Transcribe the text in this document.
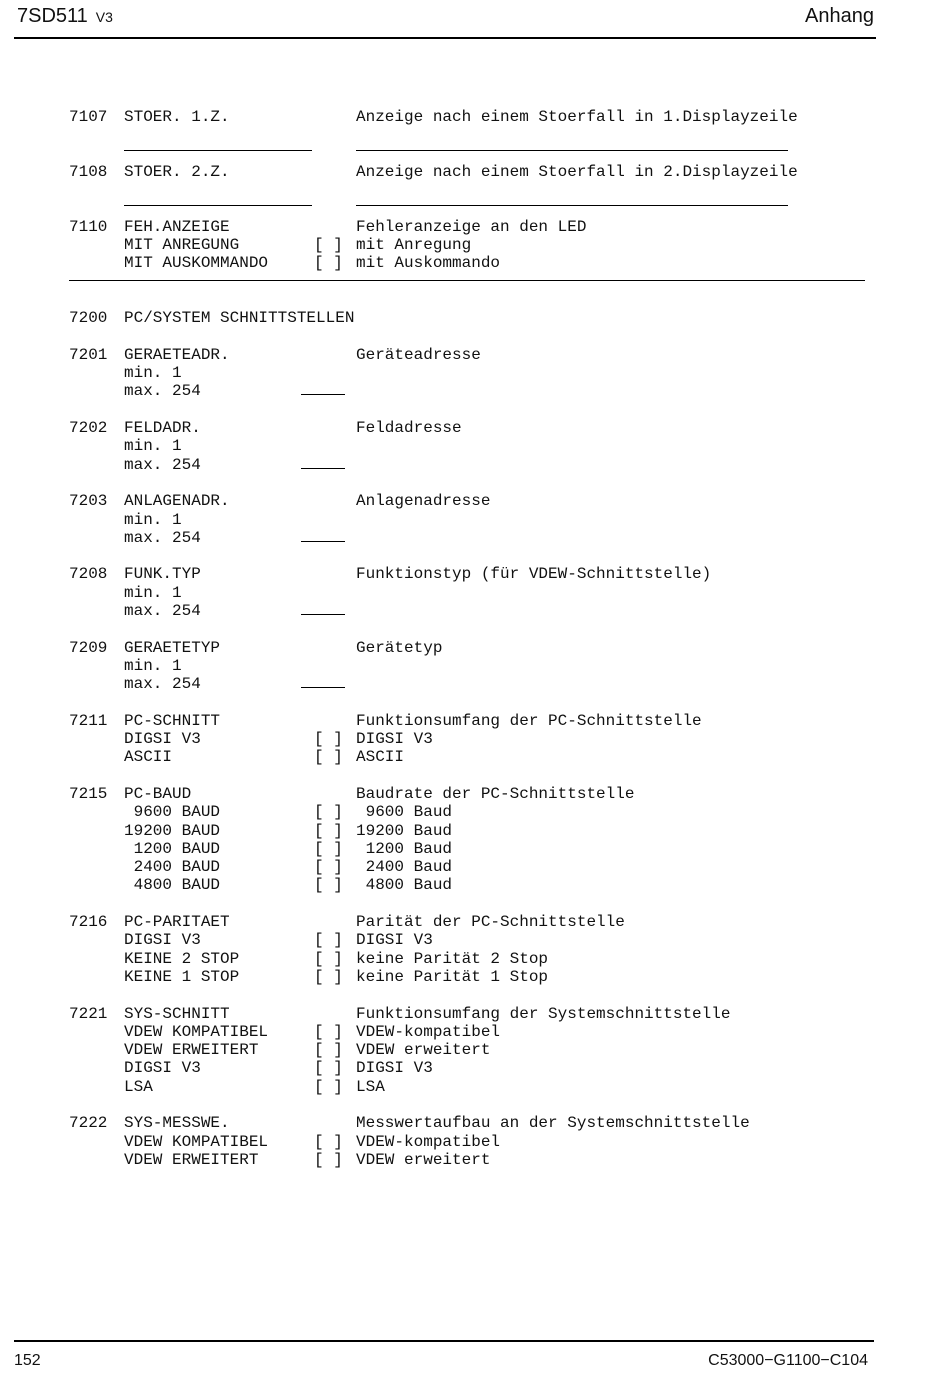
7SD511 V3	Anhang
7107 STOER. 1.Z.	Anzeige nach einem Stoerfall in 1.Displayzeile
7108 STOER. 2.Z.	Anzeige nach einem Stoerfall in 2.Displayzeile
7110 FEH.ANZEIGE	Fehleranzeige an den LED
MIT ANREGUNG	[ ] mit Anregung
MIT AUSKOMMANDO	[ ] mit Auskommando
7200 PC/SYSTEM SCHNITTSTELLEN
7201 GERAETEADR.	Geräteadresse
min. 1
max. 254
7202 FELDADR.	Feldadresse
min. 1
max. 254
7203 ANLAGENADR.	Anlagenadresse
min. 1
max. 254
7208 FUNK.TYP	Funktionstyp (für VDEW-Schnittstelle)
min. 1
max. 254
7209 GERAETETYP	Gerätetyp
min. 1
max. 254
7211 PC-SCHNITT	Funktionsumfang der PC-Schnittstelle
DIGSI V3	[ ] DIGSI V3
ASCII	[ ] ASCII
7215 PC-BAUD	Baudrate der PC-Schnittstelle
9600 BAUD	[ ] 9600 Baud
19200 BAUD	[ ] 19200 Baud
1200 BAUD	[ ] 1200 Baud
2400 BAUD	[ ] 2400 Baud
4800 BAUD	[ ] 4800 Baud
7216 PC-PARITAET	Parität der PC-Schnittstelle
DIGSI V3	[ ] DIGSI V3
KEINE 2 STOP	[ ] keine Parität 2 Stop
KEINE 1 STOP	[ ] keine Parität 1 Stop
7221 SYS-SCHNITT	Funktionsumfang der Systemschnittstelle
VDEW KOMPATIBEL	[ ] VDEW-kompatibel
VDEW ERWEITERT	[ ] VDEW erweitert
DIGSI V3	[ ] DIGSI V3
LSA	[ ] LSA
7222 SYS-MESSWE.	Messwertaufbau an der Systemschnittstelle
VDEW KOMPATIBEL	[ ] VDEW-kompatibel
VDEW ERWEITERT	[ ] VDEW erweitert
152	C53000−G1100−C104
